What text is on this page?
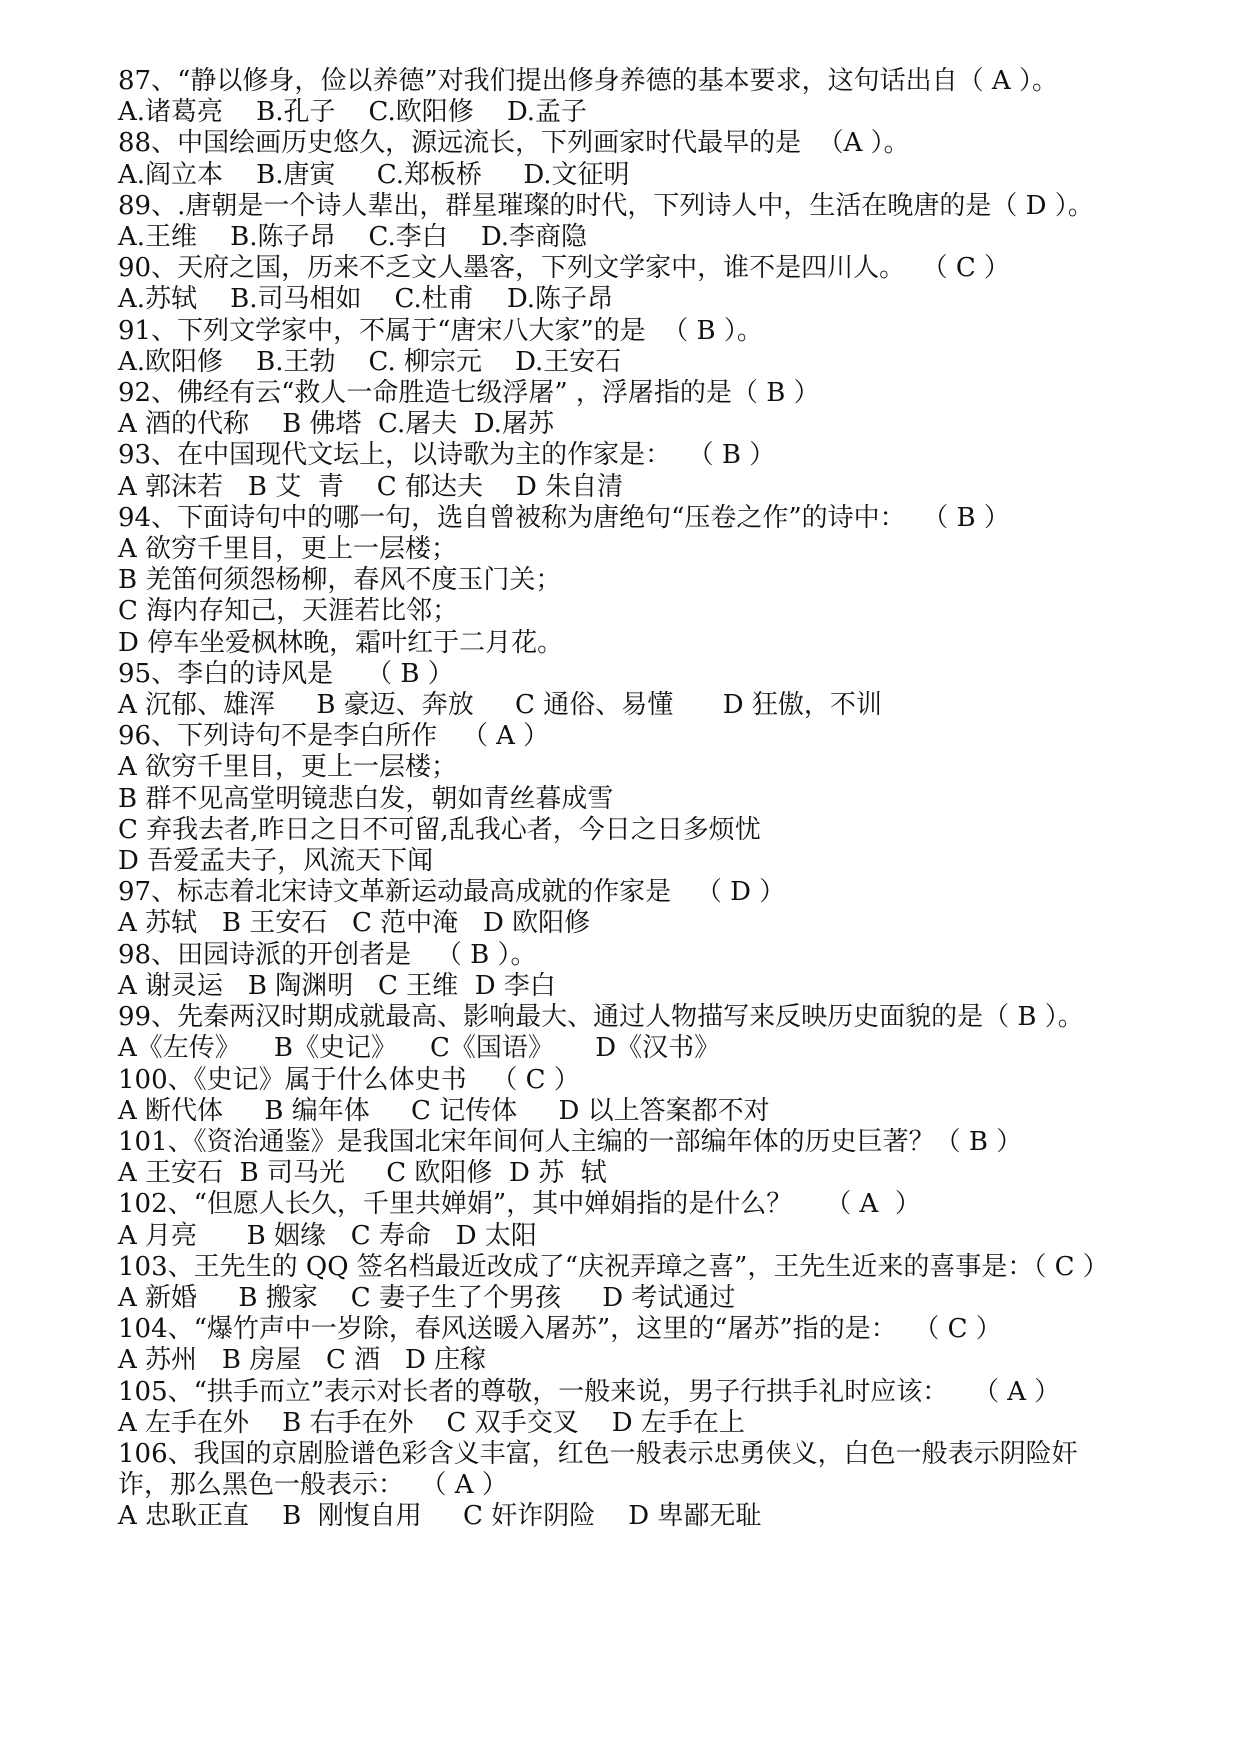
87、“静以修身，俭以养德”对我们提出修身养德的基本要求，这句话出自（ A ）。

A.诸葛亮    B.孔子    C.欧阳修    D.孟子

88、中国绘画历史悠久，源远流长，下列画家时代最早的是  （A ）。

A.阎立本    B.唐寅     C.郑板桥     D.文征明

89、.唐朝是一个诗人辈出，群星璀璨的时代，下列诗人中，生活在晚唐的是（ D ）。

A.王维    B.陈子昂    C.李白    D.李商隐

90、天府之国，历来不乏文人墨客，下列文学家中，谁不是四川人。  （ C ）

A.苏轼    B.司马相如    C.杜甫    D.陈子昂

91、下列文学家中，不属于“唐宋八大家”的是  （ B ）。

A.欧阳修    B.王勃    C. 柳宗元    D.王安石

92、佛经有云“救人一命胜造七级浮屠” ，浮屠指的是（ B ）

A 酒的代称    B 佛塔  C.屠夫  D.屠苏

93、在中国现代文坛上，以诗歌为主的作家是：  （ B ）

A 郭沫若   B 艾  青    C 郁达夫    D 朱自清

94、下面诗句中的哪一句，选自曾被称为唐绝句“压卷之作”的诗中：  （ B ）

A 欲穷千里目，更上一层楼；

B 羌笛何须怨杨柳，春风不度玉门关；

C 海内存知己，天涯若比邻；

D 停车坐爱枫林晚，霜叶红于二月花。

95、李白的诗风是    （ B ）

A 沉郁、雄浑     B 豪迈、奔放     C 通俗、易懂      D 狂傲，不训

96、下列诗句不是李白所作   （ A ）

A 欲穷千里目，更上一层楼；

B 群不见高堂明镜悲白发，朝如青丝暮成雪

C 弃我去者,昨日之日不可留,乱我心者，今日之日多烦忧

D 吾爱孟夫子，风流天下闻

97、标志着北宋诗文革新运动最高成就的作家是   （ D ）

A 苏轼   B 王安石   C 范中淹   D 欧阳修

98、田园诗派的开创者是   （ B ）。

A 谢灵运   B 陶渊明   C 王维  D 李白

99、先秦两汉时期成就最高、影响最大、通过人物描写来反映历史面貌的是（ B ）。

A《左传》    B《史记》    C《国语》     D《汉书》

100、《史记》属于什么体史书   （ C ）

A 断代体     B 编年体     C 记传体     D 以上答案都不对

101、《资治通鉴》是我国北宋年间何人主编的一部编年体的历史巨著？（ B ）

A 王安石  B 司马光     C 欧阳修  D 苏  轼

102、“但愿人长久，千里共婵娟”，其中婵娟指的是什么？    （ A  ）

A 月亮      B 姻缘   C 寿命   D 太阳

103、王先生的 QQ 签名档最近改成了“庆祝弄璋之喜”，王先生近来的喜事是：（ C ）

A 新婚     B 搬家    C 妻子生了个男孩     D 考试通过

104、“爆竹声中一岁除，春风送暖入屠苏”，这里的“屠苏”指的是：  （ C ）

A 苏州   B 房屋   C 酒   D 庄稼

105、“拱手而立”表示对长者的尊敬，一般来说，男子行拱手礼时应该：   （ A ）

A 左手在外    B 右手在外    C 双手交叉    D 左手在上

106、我国的京剧脸谱色彩含义丰富，红色一般表示忠勇侠义，白色一般表示阴险奸诈，那么黑色一般表示：  （ A ）

A 忠耿正直    B  刚愎自用     C 奸诈阴险    D 卑鄙无耻
